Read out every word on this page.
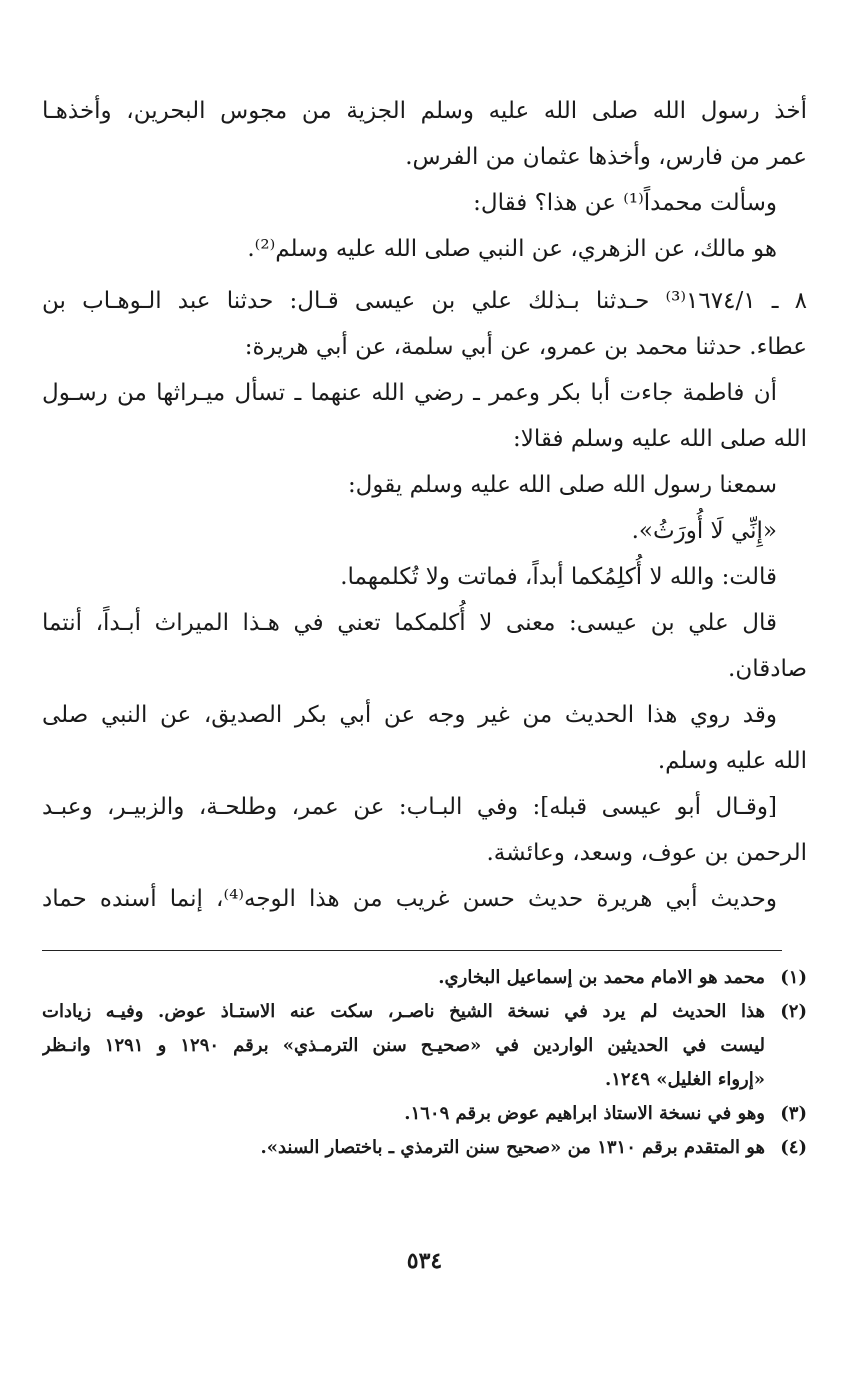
أخذ رسول الله صلى الله عليه وسلم الجزية من مجوس البحرين، وأخذهـا
عمر من فارس، وأخذها عثمان من الفرس.
وسألت محمداً⁽¹⁾ عن هذا؟ فقال:
هو مالك، عن الزهري، عن النبي صلى الله عليه وسلم⁽²⁾.
٨ ـ ١٦٧٤/١⁽³⁾ حـدثنا بـذلك علي بن عيسى قـال: حدثنا عبد الـوهـاب بن
عطاء. حدثنا محمد بن عمرو، عن أبي سلمة، عن أبي هريرة:
أن فاطمة جاءت أبا بكر وعمر ـ رضي الله عنهما ـ تسأل ميـراثها من رسـول
الله صلى الله عليه وسلم فقالا:
سمعنا رسول الله صلى الله عليه وسلم يقول:
«إِنِّي لَا أُورَثُ».
قالت: والله لا أُكلِمُكما أبداً، فماتت ولا تُكلمهما.
قال علي بن عيسى: معنى لا أُكلمكما تعني في هـذا الميراث أبـداً، أنتما
صادقان.
وقد روي هذا الحديث من غير وجه عن أبي بكر الصديق، عن النبي صلى
الله عليه وسلم.
[وقـال أبو عيسى قبله]: وفي البـاب: عن عمر، وطلحـة، والزبيـر، وعبـد
الرحمن بن عوف، وسعد، وعائشة.
وحديث أبي هريرة حديث حسن غريب من هذا الوجه⁽⁴⁾، إنما أسنده حماد
(١)
محمد هو الامام محمد بن إسماعيل البخاري.
(٢)
هذا الحديث لم يرد في نسخة الشيخ ناصـر، سكت عنه الاستـاذ عوض. وفيـه زيادات
ليست في الحديثين الواردين في «صحيـح سنن الترمـذي» برقم ١٢٩٠ و ١٢٩١ وانـظر
«إرواء الغليل» ١٢٤٩.
(٣)
وهو في نسخة الاستاذ ابراهيم عوض برقم ١٦٠٩.
(٤)
هو المتقدم برقم ١٣١٠ من «صحيح سنن الترمذي ـ باختصار السند».
٥٣٤
